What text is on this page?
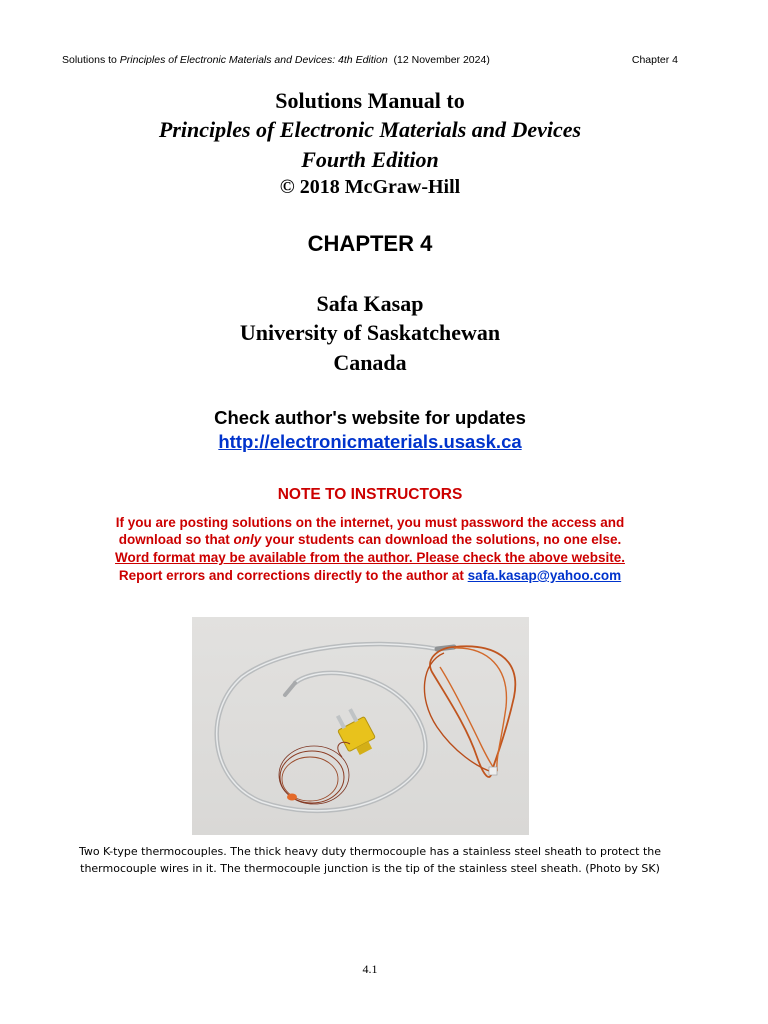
Solutions to Principles of Electronic Materials and Devices: 4th Edition (12 November 2024)	Chapter 4
Solutions Manual to
Principles of Electronic Materials and Devices
Fourth Edition
© 2018 McGraw-Hill
CHAPTER 4
Safa Kasap
University of Saskatchewan
Canada
Check author's website for updates
http://electronicmaterials.usask.ca
NOTE TO INSTRUCTORS
If you are posting solutions on the internet, you must password the access and
download so that only your students can download the solutions, no one else.
Word format may be available from the author. Please check the above website.
Report errors and corrections directly to the author at safa.kasap@yahoo.com
Two K-type thermocouples. The thick heavy duty thermocouple has a stainless steel sheath to protect the
thermocouple wires in it. The thermocouple junction is the tip of the stainless steel sheath. (Photo by SK)
4.1
